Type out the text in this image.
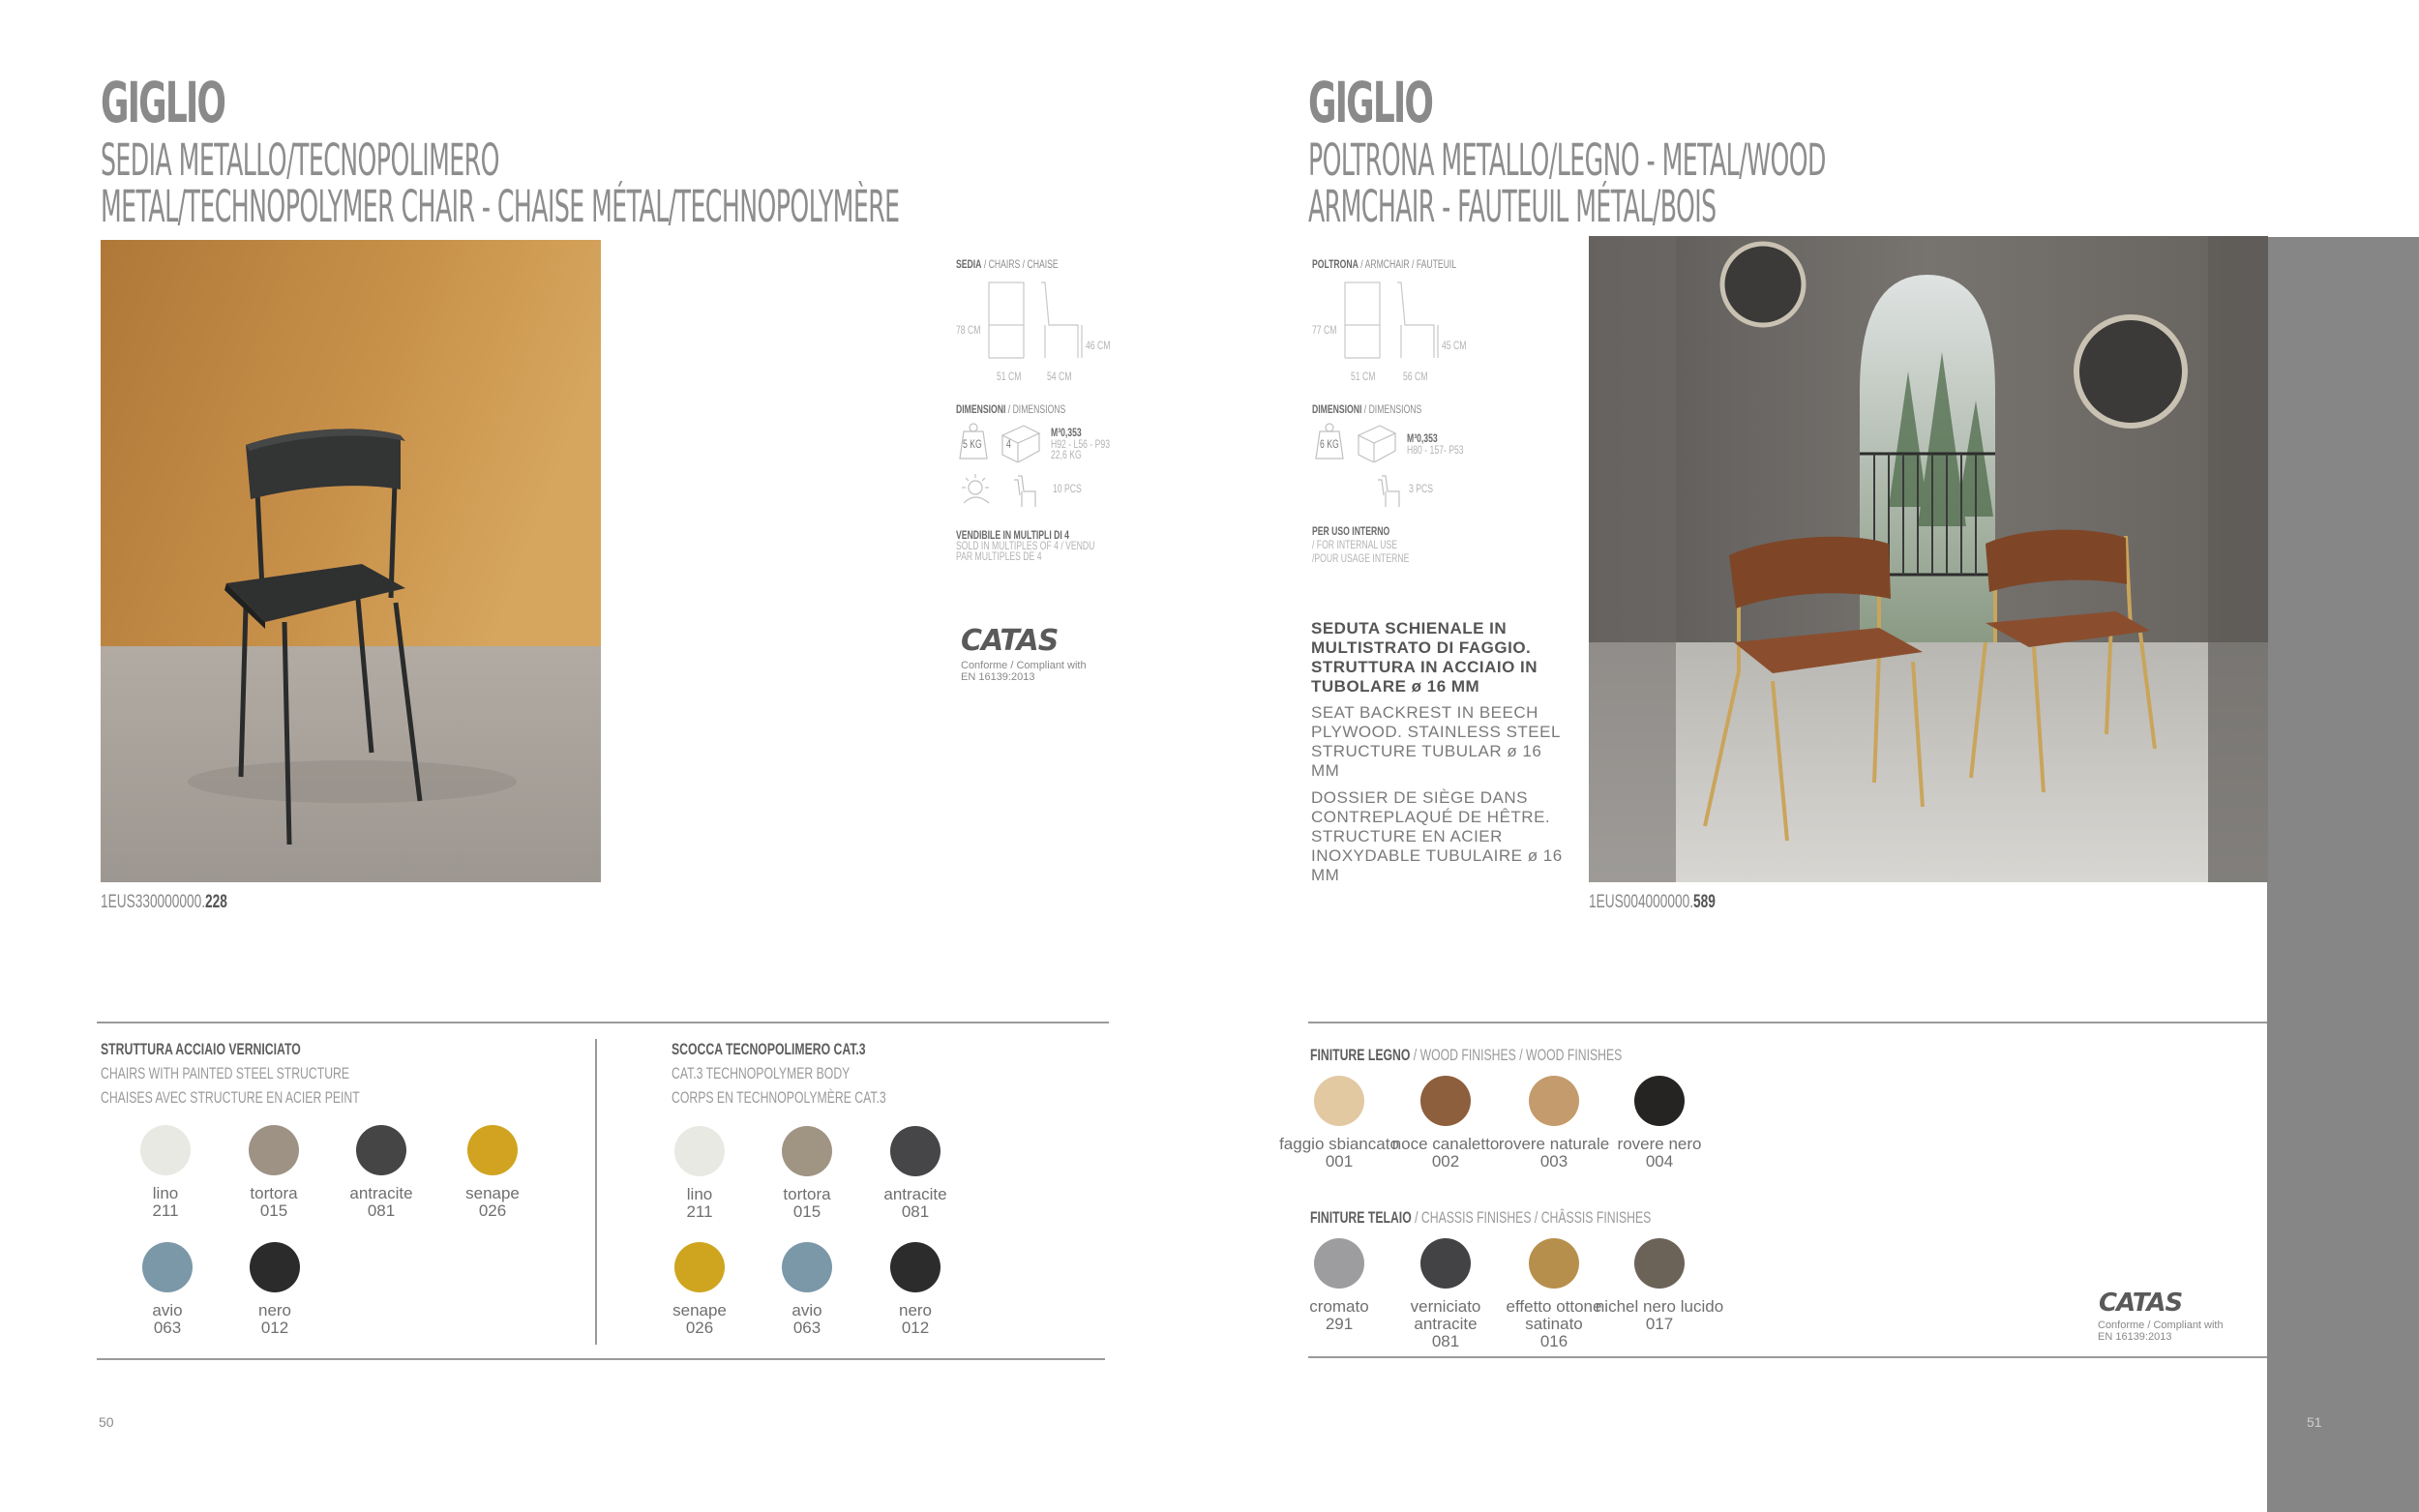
GIGLIO
SEDIA METALLO/TECNOPOLIMERO
METAL/TECHNOPOLYMER CHAIR - CHAISE MÉTAL/TECHNOPOLYMÈRE
1EUS330000000.228
SEDIA / CHAIRS / CHAISE
78 CM
46 CM
51 CM 54 CM
DIMENSIONI / DIMENSIONS
5 KG 4
M³0,353
H92 - L56 - P93
22,6 KG
10 PCS
VENDIBILE IN MULTIPLI DI 4
SOLD IN MULTIPLES OF 4 / VENDU
PAR MULTIPLES DE 4
CATAS
Conforme / Compliant with
EN 16139:2013
STRUTTURA ACCIAIO VERNICIATO
CHAIRS WITH PAINTED STEEL STRUCTURE
CHAISES AVEC STRUCTURE EN ACIER PEINT
lino
211
tortora
015
antracite
081
senape
026
avio
063
nero
012
SCOCCA TECNOPOLIMERO CAT.3
CAT.3 TECHNOPOLYMER BODY
CORPS EN TECHNOPOLYMÈRE CAT.3
lino
211
tortora
015
antracite
081
senape
026
avio
063
nero
012
50
GIGLIO
POLTRONA METALLO/LEGNO - METAL/WOOD
ARMCHAIR - FAUTEUIL MÉTAL/BOIS
POLTRONA / ARMCHAIR / FAUTEUIL
77 CM
45 CM
51 CM 56 CM
DIMENSIONI / DIMENSIONS
6 KG	M³0,353
H80 - 157- P53
3 PCS
PER USO INTERNO
/ FOR INTERNAL USE
/POUR USAGE INTERNE
SEDUTA SCHIENALE IN MULTISTRATO DI FAGGIO. STRUTTURA IN ACCIAIO IN TUBOLARE ø 16 MM
SEAT BACKREST IN BEECH PLYWOOD. STAINLESS STEEL STRUCTURE TUBULAR ø 16 MM
DOSSIER DE SIÈGE DANS CONTREPLAQUÉ DE HÊTRE. STRUCTURE EN ACIER INOXYDABLE TUBULAIRE ø 16 MM
1EUS004000000.589
FINITURE LEGNO / WOOD FINISHES / WOOD FINISHES
faggio sbiancato
001
noce canaletto
002
rovere naturale
003
rovere nero
004
FINITURE TELAIO / CHASSIS FINISHES / CHÂSSIS FINISHES
cromato
291
verniciato antracite
081
effetto ottone satinato
016
nichel nero lucido
017
CATAS
Conforme / Compliant with
EN 16139:2013
51
